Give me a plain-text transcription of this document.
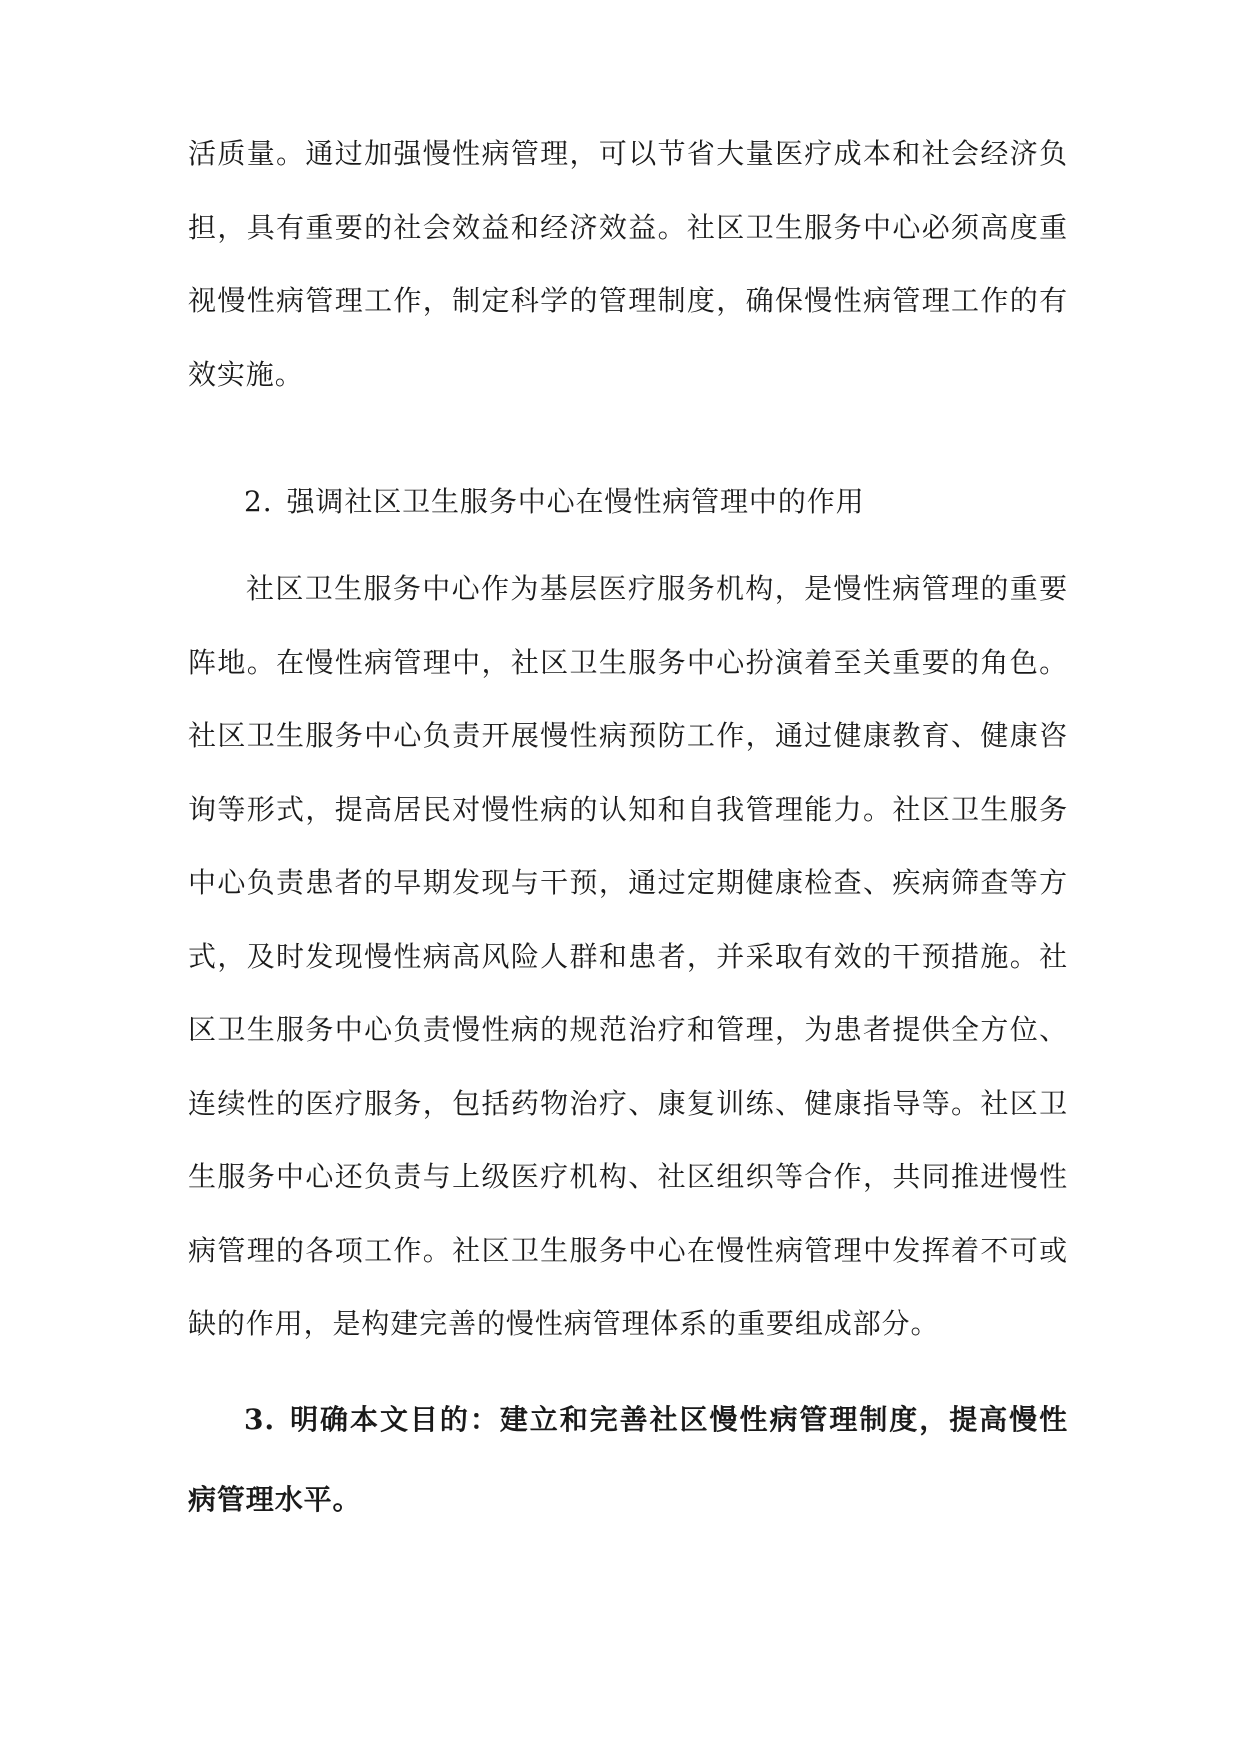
活质量。通过加强慢性病管理，可以节省大量医疗成本和社会经济负担，具有重要的社会效益和经济效益。社区卫生服务中心必须高度重视慢性病管理工作，制定科学的管理制度，确保慢性病管理工作的有效实施。

2. 强调社区卫生服务中心在慢性病管理中的作用

社区卫生服务中心作为基层医疗服务机构，是慢性病管理的重要阵地。在慢性病管理中，社区卫生服务中心扮演着至关重要的角色。社区卫生服务中心负责开展慢性病预防工作，通过健康教育、健康咨询等形式，提高居民对慢性病的认知和自我管理能力。社区卫生服务中心负责患者的早期发现与干预，通过定期健康检查、疾病筛查等方式，及时发现慢性病高风险人群和患者，并采取有效的干预措施。社区卫生服务中心负责慢性病的规范治疗和管理，为患者提供全方位、连续性的医疗服务，包括药物治疗、康复训练、健康指导等。社区卫生服务中心还负责与上级医疗机构、社区组织等合作，共同推进慢性病管理的各项工作。社区卫生服务中心在慢性病管理中发挥着不可或缺的作用，是构建完善的慢性病管理体系的重要组成部分。

3. 明确本文目的：建立和完善社区慢性病管理制度，提高慢性病管理水平。
